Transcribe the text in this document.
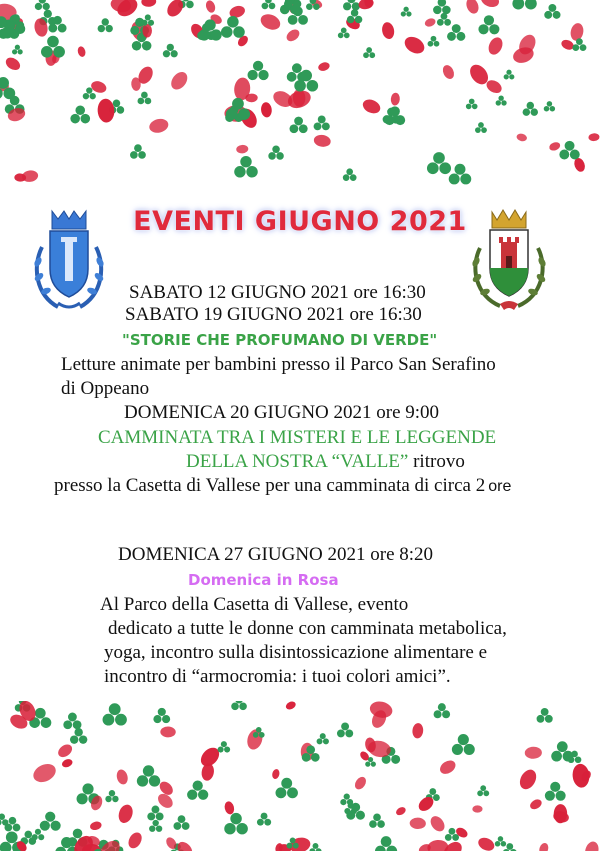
EVENTI GIUGNO 2021
SABATO 12 GIUGNO 2021 ore 16:30
SABATO 19 GIUGNO 2021 ore 16:30
"STORIE CHE PROFUMANO DI VERDE"
Letture animate per bambini presso il Parco San Serafino
di Oppeano
DOMENICA 20 GIUGNO 2021 ore 9:00
CAMMINATA TRA I MISTERI E LE LEGGENDE
DELLA NOSTRA “VALLE” ritrovo
presso la Casetta di Vallese per una camminata di circa 2 ore
DOMENICA 27 GIUGNO 2021 ore 8:20
Domenica in Rosa
Al Parco della Casetta di Vallese, evento
dedicato a tutte le donne con camminata metabolica,
yoga, incontro sulla disintossicazione alimentare e
incontro di “armocromia: i tuoi colori amici”.
